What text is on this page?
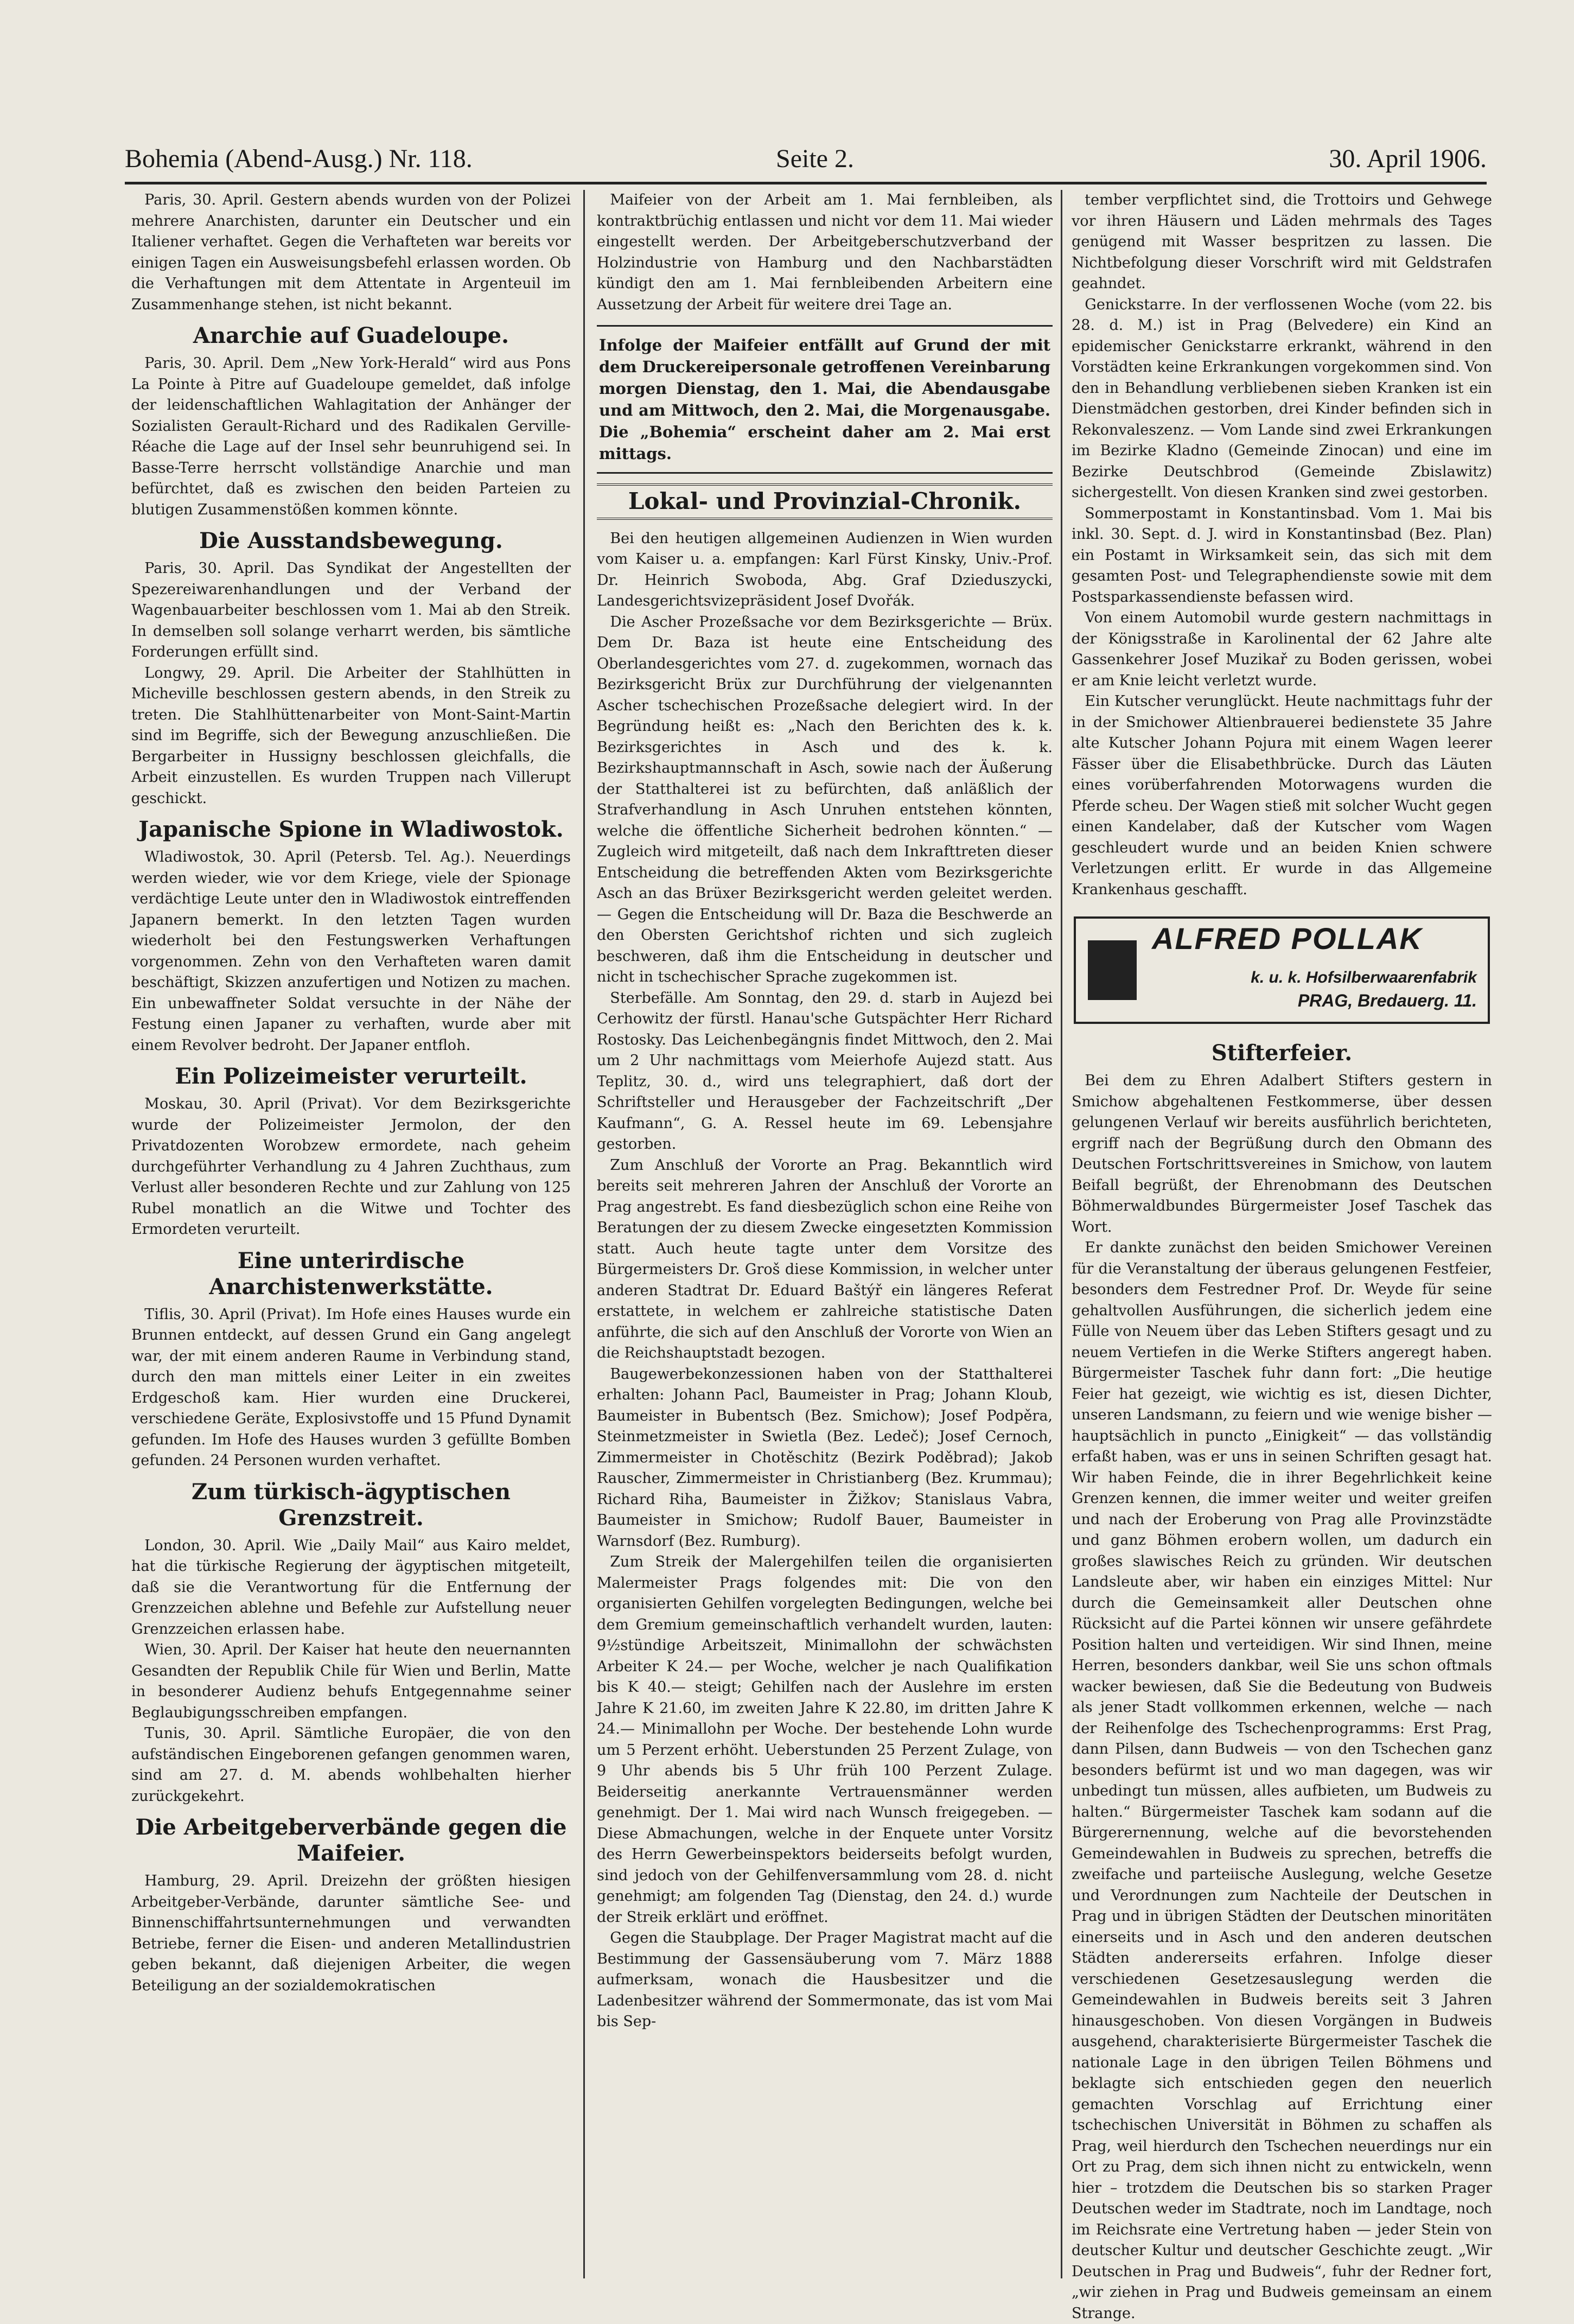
Bohemia (Abend-Ausg.) Nr. 118.	Seite 2.	30. April 1906.

Paris, 30. April. Gestern abends wurden von der Polizei mehrere Anarchisten, darunter ein Deutscher und ein Italiener verhaftet. Gegen die Verhafteten war bereits vor einigen Tagen ein Ausweisungsbefehl erlassen worden. Ob die Verhaftungen mit dem Attentate in Argenteuil im Zusammenhange stehen, ist nicht bekannt.

Anarchie auf Guadeloupe.

Paris, 30. April. Dem „New York-Herald“ wird aus Pons La Pointe à Pitre auf Guadeloupe gemeldet, daß infolge der leidenschaftlichen Wahlagitation der Anhänger der Sozialisten Gerault-Richard und des Radikalen Gerville-Réache die Lage auf der Insel sehr beunruhigend sei. In Basse-Terre herrscht vollständige Anarchie und man befürchtet, daß es zwischen den beiden Parteien zu blutigen Zusammenstößen kommen könnte.

Die Ausstandsbewegung.

Paris, 30. April. Das Syndikat der Angestellten der Spezereiwarenhandlungen und der Verband der Wagenbauarbeiter beschlossen vom 1. Mai ab den Streik. In demselben soll solange verharrt werden, bis sämtliche Forderungen erfüllt sind.

Longwy, 29. April. Die Arbeiter der Stahlhütten in Micheville beschlossen gestern abends, in den Streik zu treten. Die Stahlhüttenarbeiter von Mont-Saint-Martin sind im Begriffe, sich der Bewegung anzuschließen. Die Bergarbeiter in Hussigny beschlossen gleichfalls, die Arbeit einzustellen. Es wurden Truppen nach Villerupt geschickt.

Japanische Spione in Wladiwostok.

Wladiwostok, 30. April (Petersb. Tel. Ag.). Neuerdings werden wieder, wie vor dem Kriege, viele der Spionage verdächtige Leute unter den in Wladiwostok eintreffenden Japanern bemerkt. In den letzten Tagen wurden wiederholt bei den Festungswerken Verhaftungen vorgenommen. Zehn von den Verhafteten waren damit beschäftigt, Skizzen anzufertigen und Notizen zu machen. Ein unbewaffneter Soldat versuchte in der Nähe der Festung einen Japaner zu verhaften, wurde aber mit einem Revolver bedroht. Der Japaner entfloh.

Ein Polizeimeister verurteilt.

Moskau, 30. April (Privat). Vor dem Bezirksgerichte wurde der Polizeimeister Jermolon, der den Privatdozenten Worobzew ermordete, nach geheim durchgeführter Verhandlung zu 4 Jahren Zuchthaus, zum Verlust aller besonderen Rechte und zur Zahlung von 125 Rubel monatlich an die Witwe und Tochter des Ermordeten verurteilt.

Eine unterirdische Anarchistenwerkstätte.

Tiflis, 30. April (Privat). Im Hofe eines Hauses wurde ein Brunnen entdeckt, auf dessen Grund ein Gang angelegt war, der mit einem anderen Raume in Verbindung stand, durch den man mittels einer Leiter in ein zweites Erdgeschoß kam. Hier wurden eine Druckerei, verschiedene Geräte, Explosivstoffe und 15 Pfund Dynamit gefunden. Im Hofe des Hauses wurden 3 gefüllte Bomben gefunden. 24 Personen wurden verhaftet.

Zum türkisch-ägyptischen Grenzstreit.

London, 30. April. Wie „Daily Mail“ aus Kairo meldet, hat die türkische Regierung der ägyptischen mitgeteilt, daß sie die Verantwortung für die Entfernung der Grenzzeichen ablehne und Befehle zur Aufstellung neuer Grenzzeichen erlassen habe.

Wien, 30. April. Der Kaiser hat heute den neuernannten Gesandten der Republik Chile für Wien und Berlin, Matte in besonderer Audienz behufs Entgegennahme seiner Beglaubigungsschreiben empfangen.

Tunis, 30. April. Sämtliche Europäer, die von den aufständischen Eingeborenen gefangen genommen waren, sind am 27. d. M. abends wohlbehalten hierher zurückgekehrt.

Die Arbeitgeberverbände gegen die Maifeier.

Hamburg, 29. April. Dreizehn der größten hiesigen Arbeitgeber-Verbände, darunter sämtliche See- und Binnenschiffahrtsunternehmungen und verwandten Betriebe, ferner die Eisen- und anderen Metallindustrien geben bekannt, daß diejenigen Arbeiter, die wegen Beteiligung an der sozialdemokratischen

Maifeier von der Arbeit am 1. Mai fernbleiben, als kontraktbrüchig entlassen und nicht vor dem 11. Mai wieder eingestellt werden. Der Arbeitgeberschutzverband der Holzindustrie von Hamburg und den Nachbarstädten kündigt den am 1. Mai fernbleibenden Arbeitern eine Aussetzung der Arbeit für weitere drei Tage an.

Infolge der Maifeier entfällt auf Grund der mit dem Druckereipersonale getroffenen Vereinbarung morgen Dienstag, den 1. Mai, die Abendausgabe und am Mittwoch, den 2. Mai, die Morgenausgabe. Die „Bohemia“ erscheint daher am 2. Mai erst mittags.
Lokal- und Provinzial-Chronik.

Bei den heutigen allgemeinen Audienzen in Wien wurden vom Kaiser u. a. empfangen: Karl Fürst Kinsky, Univ.-Prof. Dr. Heinrich Swoboda, Abg. Graf Dzieduszycki, Landesgerichtsvizepräsident Josef Dvořák.

Die Ascher Prozeßsache vor dem Bezirksgerichte — Brüx. Dem Dr. Baza ist heute eine Entscheidung des Oberlandesgerichtes vom 27. d. zugekommen, wornach das Bezirksgericht Brüx zur Durchführung der vielgenannten Ascher tschechischen Prozeßsache delegiert wird. In der Begründung heißt es: „Nach den Berichten des k. k. Bezirksgerichtes in Asch und des k. k. Bezirkshauptmannschaft in Asch, sowie nach der Äußerung der Statthalterei ist zu befürchten, daß anläßlich der Strafverhandlung in Asch Unruhen entstehen könnten, welche die öffentliche Sicherheit bedrohen könnten.“ — Zugleich wird mitgeteilt, daß nach dem Inkrafttreten dieser Entscheidung die betreffenden Akten vom Bezirksgerichte Asch an das Brüxer Bezirksgericht werden geleitet werden. — Gegen die Entscheidung will Dr. Baza die Beschwerde an den Obersten Gerichtshof richten und sich zugleich beschweren, daß ihm die Entscheidung in deutscher und nicht in tschechischer Sprache zugekommen ist.

Sterbefälle. Am Sonntag, den 29. d. starb in Aujezd bei Cerhowitz der fürstl. Hanau'sche Gutspächter Herr Richard Rostosky. Das Leichenbegängnis findet Mittwoch, den 2. Mai um 2 Uhr nachmittags vom Meierhofe Aujezd statt. Aus Teplitz, 30. d., wird uns telegraphiert, daß dort der Schriftsteller und Herausgeber der Fachzeitschrift „Der Kaufmann“, G. A. Ressel heute im 69. Lebensjahre gestorben.

Zum Anschluß der Vororte an Prag. Bekanntlich wird bereits seit mehreren Jahren der Anschluß der Vororte an Prag angestrebt. Es fand diesbezüglich schon eine Reihe von Beratungen der zu diesem Zwecke eingesetzten Kommission statt. Auch heute tagte unter dem Vorsitze des Bürgermeisters Dr. Groš diese Kommission, in welcher unter anderen Stadtrat Dr. Eduard Baštýř ein längeres Referat erstattete, in welchem er zahlreiche statistische Daten anführte, die sich auf den Anschluß der Vororte von Wien an die Reichshauptstadt bezogen.

Baugewerbekonzessionen haben von der Statthalterei erhalten: Johann Pacl, Baumeister in Prag; Johann Kloub, Baumeister in Bubentsch (Bez. Smichow); Josef Podpěra, Steinmetzmeister in Swietla (Bez. Ledeč); Josef Cernoch, Zimmermeister in Chotěschitz (Bezirk Poděbrad); Jakob Rauscher, Zimmermeister in Christianberg (Bez. Krummau); Richard Riha, Baumeister in Žižkov; Stanislaus Vabra, Baumeister in Smichow; Rudolf Bauer, Baumeister in Warnsdorf (Bez. Rumburg).

Zum Streik der Malergehilfen teilen die organisierten Malermeister Prags folgendes mit: Die von den organisierten Gehilfen vorgelegten Bedingungen, welche bei dem Gremium gemeinschaftlich verhandelt wurden, lauten: 9½stündige Arbeitszeit, Minimallohn der schwächsten Arbeiter K 24.— per Woche, welcher je nach Qualifikation bis K 40.— steigt; Gehilfen nach der Auslehre im ersten Jahre K 21.60, im zweiten Jahre K 22.80, im dritten Jahre K 24.— Minimallohn per Woche. Der bestehende Lohn wurde um 5 Perzent erhöht. Ueberstunden 25 Perzent Zulage, von 9 Uhr abends bis 5 Uhr früh 100 Perzent Zulage. Beiderseitig anerkannte Vertrauensmänner werden genehmigt. Der 1. Mai wird nach Wunsch freigegeben. — Diese Abmachungen, welche in der Enquete unter Vorsitz des Herrn Gewerbeinspektors beiderseits befolgt wurden, sind jedoch von der Gehilfenversammlung vom 28. d. nicht genehmigt; am folgenden Tag (Dienstag, den 24. d.) wurde der Streik erklärt und eröffnet.

Gegen die Staubplage. Der Prager Magistrat macht auf die Bestimmung der Gassensäuberung vom 7. März 1888 aufmerksam, wonach die Hausbesitzer und die Ladenbesitzer während der Sommermonate, das ist vom Mai bis Sep-

tember verpflichtet sind, die Trottoirs und Gehwege vor ihren Häusern und Läden mehrmals des Tages genügend mit Wasser bespritzen zu lassen. Die Nichtbefolgung dieser Vorschrift wird mit Geldstrafen geahndet.

Genickstarre. In der verflossenen Woche (vom 22. bis 28. d. M.) ist in Prag (Belvedere) ein Kind an epidemischer Genickstarre erkrankt, während in den Vorstädten keine Erkrankungen vorgekommen sind. Von den in Behandlung verbliebenen sieben Kranken ist ein Dienstmädchen gestorben, drei Kinder befinden sich in Rekonvaleszenz. — Vom Lande sind zwei Erkrankungen im Bezirke Kladno (Gemeinde Zinocan) und eine im Bezirke Deutschbrod (Gemeinde Zbislawitz) sichergestellt. Von diesen Kranken sind zwei gestorben.

Sommerpostamt in Konstantinsbad. Vom 1. Mai bis inkl. 30. Sept. d. J. wird in Konstantinsbad (Bez. Plan) ein Postamt in Wirksamkeit sein, das sich mit dem gesamten Post- und Telegraphendienste sowie mit dem Postsparkassendienste befassen wird.

Von einem Automobil wurde gestern nachmittags in der Königsstraße in Karolinental der 62 Jahre alte Gassenkehrer Josef Muzikař zu Boden gerissen, wobei er am Knie leicht verletzt wurde.

Ein Kutscher verunglückt. Heute nachmittags fuhr der in der Smichower Altienbrauerei bedienstete 35 Jahre alte Kutscher Johann Pojura mit einem Wagen leerer Fässer über die Elisabethbrücke. Durch das Läuten eines vorüberfahrenden Motorwagens wurden die Pferde scheu. Der Wagen stieß mit solcher Wucht gegen einen Kandelaber, daß der Kutscher vom Wagen geschleudert wurde und an beiden Knien schwere Verletzungen erlitt. Er wurde in das Allgemeine Krankenhaus geschafft.

ALFRED POLLAK
k. u. k. Hofsilberwaarenfabrik
PRAG, Bredauerg. 11.
Stifterfeier.

Bei dem zu Ehren Adalbert Stifters gestern in Smichow abgehaltenen Festkommerse, über dessen gelungenen Verlauf wir bereits ausführlich berichteten, ergriff nach der Begrüßung durch den Obmann des Deutschen Fortschrittsvereines in Smichow, von lautem Beifall begrüßt, der Ehrenobmann des Deutschen Böhmerwaldbundes Bürgermeister Josef Taschek das Wort.

Er dankte zunächst den beiden Smichower Vereinen für die Veranstaltung der überaus gelungenen Festfeier, besonders dem Festredner Prof. Dr. Weyde für seine gehaltvollen Ausführungen, die sicherlich jedem eine Fülle von Neuem über das Leben Stifters gesagt und zu neuem Vertiefen in die Werke Stifters angeregt haben. Bürgermeister Taschek fuhr dann fort: „Die heutige Feier hat gezeigt, wie wichtig es ist, diesen Dichter, unseren Landsmann, zu feiern und wie wenige bisher — hauptsächlich in puncto „Einigkeit“ — das vollständig erfaßt haben, was er uns in seinen Schriften gesagt hat. Wir haben Feinde, die in ihrer Begehrlichkeit keine Grenzen kennen, die immer weiter und weiter greifen und nach der Eroberung von Prag alle Provinzstädte und ganz Böhmen erobern wollen, um dadurch ein großes slawisches Reich zu gründen. Wir deutschen Landsleute aber, wir haben ein einziges Mittel: Nur durch die Gemeinsamkeit aller Deutschen ohne Rücksicht auf die Partei können wir unsere gefährdete Position halten und verteidigen. Wir sind Ihnen, meine Herren, besonders dankbar, weil Sie uns schon oftmals wacker bewiesen, daß Sie die Bedeutung von Budweis als jener Stadt vollkommen erkennen, welche — nach der Reihenfolge des Tschechenprogramms: Erst Prag, dann Pilsen, dann Budweis — von den Tschechen ganz besonders befürmt ist und wo man dagegen, was wir unbedingt tun müssen, alles aufbieten, um Budweis zu halten.“ Bürgermeister Taschek kam sodann auf die Bürgerernennung, welche auf die bevorstehenden Gemeindewahlen in Budweis zu sprechen, betreffs die zweifache und parteiische Auslegung, welche Gesetze und Verordnungen zum Nachteile der Deutschen in Prag und in übrigen Städten der Deutschen minoritäten einerseits und in Asch und den anderen deutschen Städten andererseits erfahren. Infolge dieser verschiedenen Gesetzesauslegung werden die Gemeindewahlen in Budweis bereits seit 3 Jahren hinausgeschoben. Von diesen Vorgängen in Budweis ausgehend, charakterisierte Bürgermeister Taschek die nationale Lage in den übrigen Teilen Böhmens und beklagte sich entschieden gegen den neuerlich gemachten Vorschlag auf Errichtung einer tschechischen Universität in Böhmen zu schaffen als Prag, weil hierdurch den Tschechen neuerdings nur ein Ort zu Prag, dem sich ihnen nicht zu entwickeln, wenn hier – trotzdem die Deutschen bis so starken Prager Deutschen weder im Stadtrate, noch im Landtage, noch im Reichsrate eine Vertretung haben — jeder Stein von deutscher Kultur und deutscher Geschichte zeugt. „Wir Deutschen in Prag und Budweis“, fuhr der Redner fort, „wir ziehen in Prag und Budweis gemeinsam an einem Strange.
